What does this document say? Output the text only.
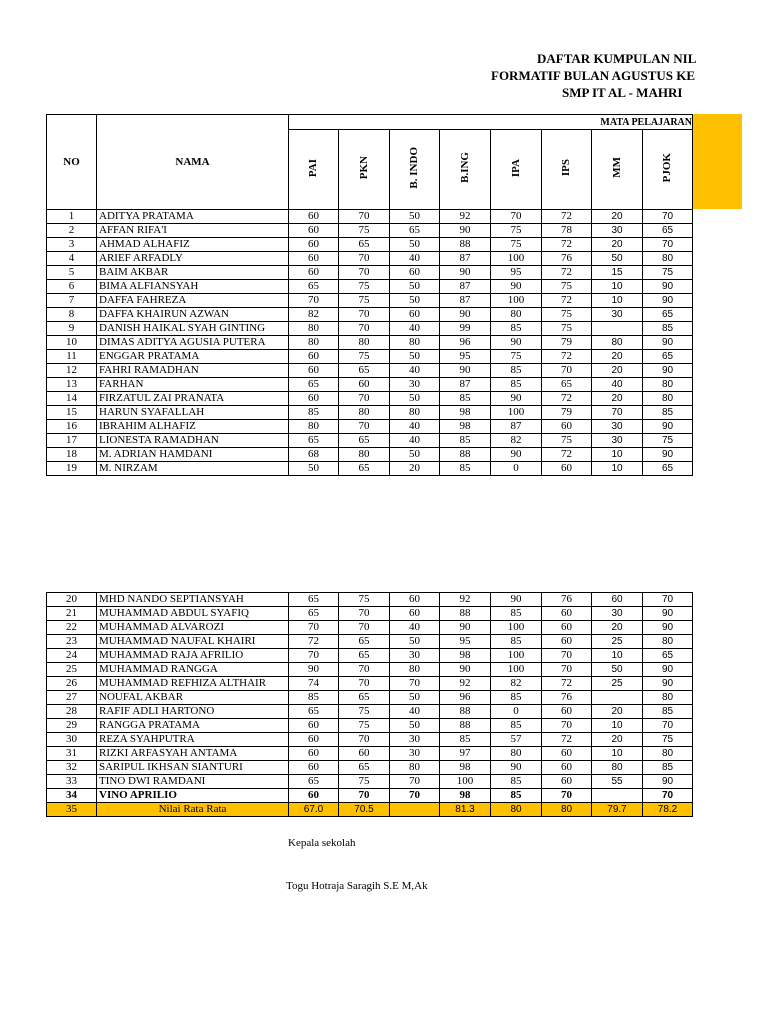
DAFTAR KUMPULAN NIL
FORMATIF BULAN AGUSTUS KE
SMP IT AL - MAHRI
NO	NAMA	MATA PELAJARAN							
		PAI	PKN	B. INDO	B.ING	IPA	IPS	MM	PJOK
1	ADITYA PRATAMA	60	70	50	92	70	72	20	70
2	AFFAN RIFA'I	60	75	65	90	75	78	30	65
3	AHMAD ALHAFIZ	60	65	50	88	75	72	20	70
4	ARIEF ARFADLY	60	70	40	87	100	76	50	80
5	BAIM AKBAR	60	70	60	90	95	72	15	75
6	BIMA ALFIANSYAH	65	75	50	87	90	75	10	90
7	DAFFA FAHREZA	70	75	50	87	100	72	10	90
8	DAFFA KHAIRUN AZWAN	82	70	60	90	80	75	30	65
9	DANISH HAIKAL SYAH GINTING	80	70	40	99	85	75		85
10	DIMAS ADITYA AGUSIA PUTERA	80	80	80	96	90	79	80	90
11	ENGGAR PRATAMA	60	75	50	95	75	72	20	65
12	FAHRI RAMADHAN	60	65	40	90	85	70	20	90
13	FARHAN	65	60	30	87	85	65	40	80
14	FIRZATUL ZAI PRANATA	60	70	50	85	90	72	20	80
15	HARUN SYAFALLAH	85	80	80	98	100	79	70	85
16	IBRAHIM ALHAFIZ	80	70	40	98	87	60	30	90
17	LIONESTA RAMADHAN	65	65	40	85	82	75	30	75
18	M. ADRIAN HAMDANI	68	80	50	88	90	72	10	90
19	M. NIRZAM	50	65	20	85	0	60	10	65
20	MHD NANDO SEPTIANSYAH	65	75	60	92	90	76	60	70
21	MUHAMMAD ABDUL SYAFIQ	65	70	60	88	85	60	30	90
22	MUHAMMAD ALVAROZI	70	70	40	90	100	60	20	90
23	MUHAMMAD NAUFAL KHAIRI	72	65	50	95	85	60	25	80
24	MUHAMMAD RAJA AFRILIO	70	65	30	98	100	70	10	65
25	MUHAMMAD RANGGA	90	70	80	90	100	70	50	90
26	MUHAMMAD REFHIZA ALTHAIR	74	70	70	92	82	72	25	90
27	NOUFAL AKBAR	85	65	50	96	85	76		80
28	RAFIF ADLI HARTONO	65	75	40	88	0	60	20	85
29	RANGGA PRATAMA	60	75	50	88	85	70	10	70
30	REZA SYAHPUTRA	60	70	30	85	57	72	20	75
31	RIZKI ARFASYAH ANTAMA	60	60	30	97	80	60	10	80
32	SARIPUL IKHSAN SIANTURI	60	65	80	98	90	60	80	85
33	TINO DWI RAMDANI	65	75	70	100	85	60	55	90
34	VINO APRILIO	60	70	70	98	85	70		70
35	Nilai Rata Rata	67.0	70.5		81.3	80	80	79.7	78.2
Kepala sekolah
Togu Hotraja Saragih S.E M,Ak
